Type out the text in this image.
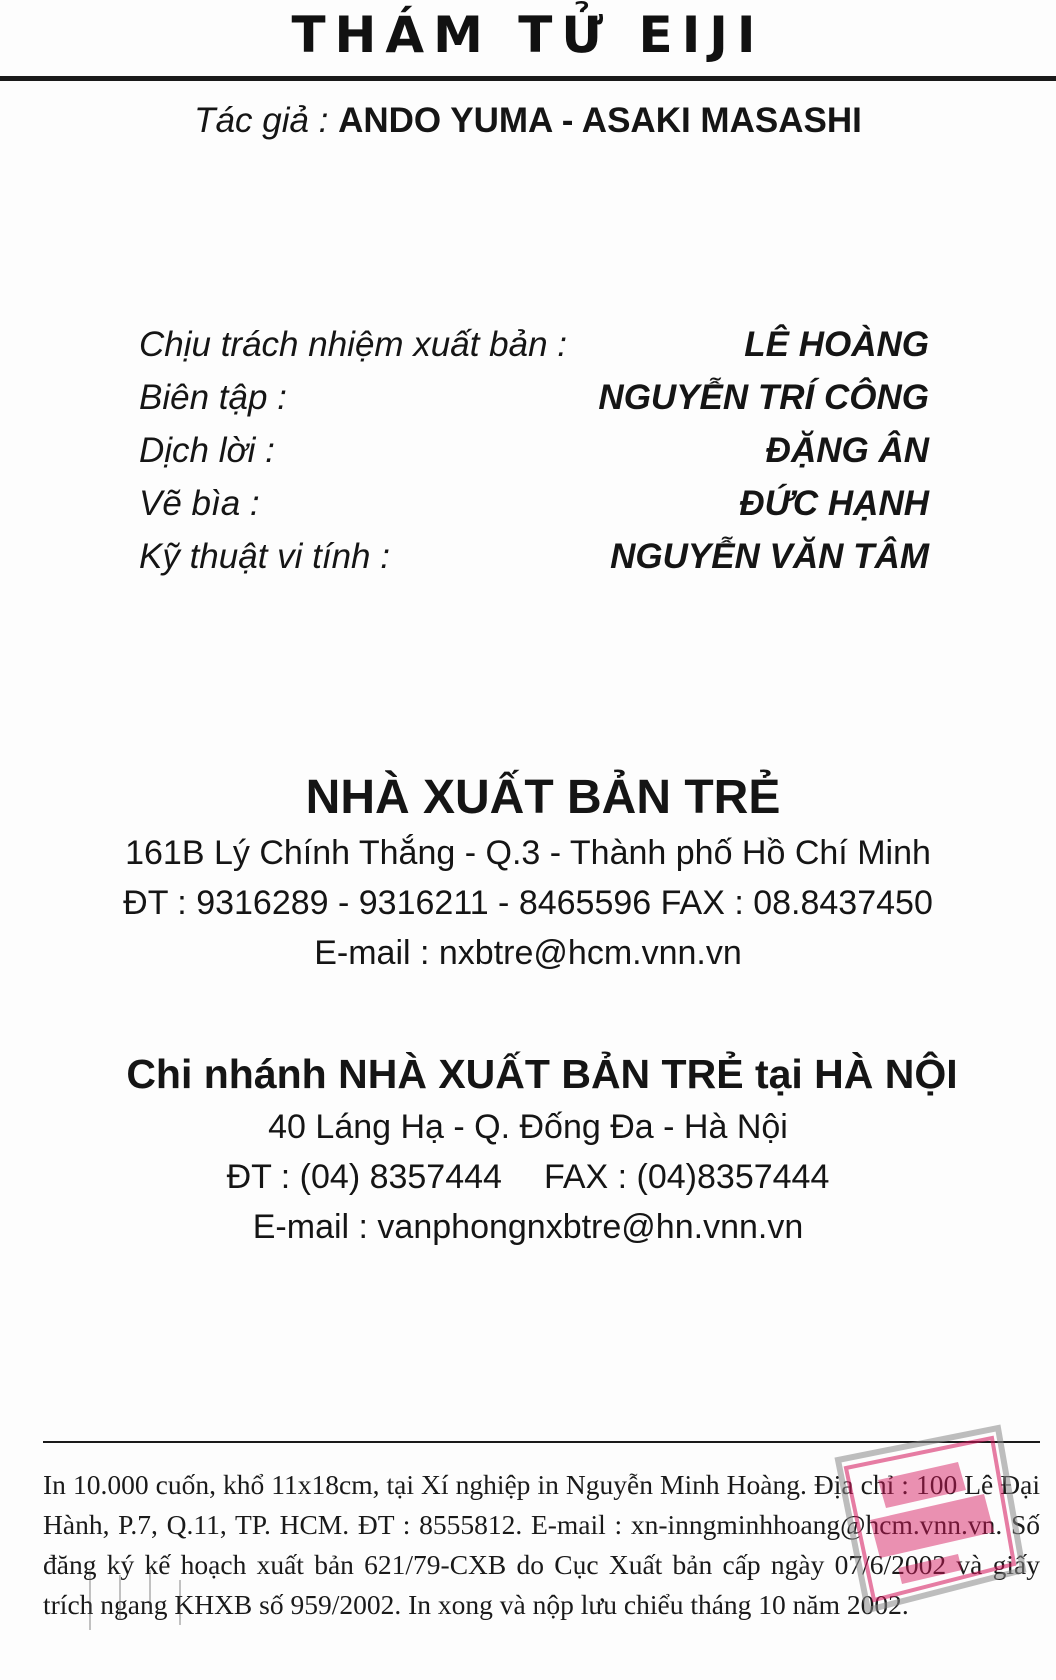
THÁM TỬ EIJI
Tác giả : ANDO YUMA - ASAKI MASASHI
Chịu trách nhiệm xuất bản :	LÊ HOÀNG
Biên tập :	NGUYỄN TRÍ CÔNG
Dịch lời :	ĐẶNG ÂN
Vẽ bìa :	ĐỨC HẠNH
Kỹ thuật vi tính :	NGUYỄN VĂN TÂM
NHÀ XUẤT BẢN TRẺ
161B Lý Chính Thắng - Q.3 - Thành phố Hồ Chí Minh
ĐT : 9316289 - 9316211 - 8465596 FAX : 08.8437450
E-mail : nxbtre@hcm.vnn.vn
Chi nhánh NHÀ XUẤT BẢN TRẺ tại HÀ NỘI
40 Láng Hạ - Q. Đống Đa - Hà Nội
ĐT : (04) 8357444 FAX : (04)8357444
E-mail : vanphongnxbtre@hn.vnn.vn
In 10.000 cuốn, khổ 11x18cm, tại Xí nghiệp in Nguyễn Minh Hoàng. Địa chỉ : 100 Lê Đại Hành, P.7, Q.11, TP. HCM. ĐT : 8555812. E-mail : xn-inngminhhoang@hcm.vnn.vn. Số đăng ký kế hoạch xuất bản 621/79-CXB do Cục Xuất bản cấp ngày 07/6/2002 và giấy trích ngang KHXB số 959/2002. In xong và nộp lưu chiểu tháng 10 năm 2002.
